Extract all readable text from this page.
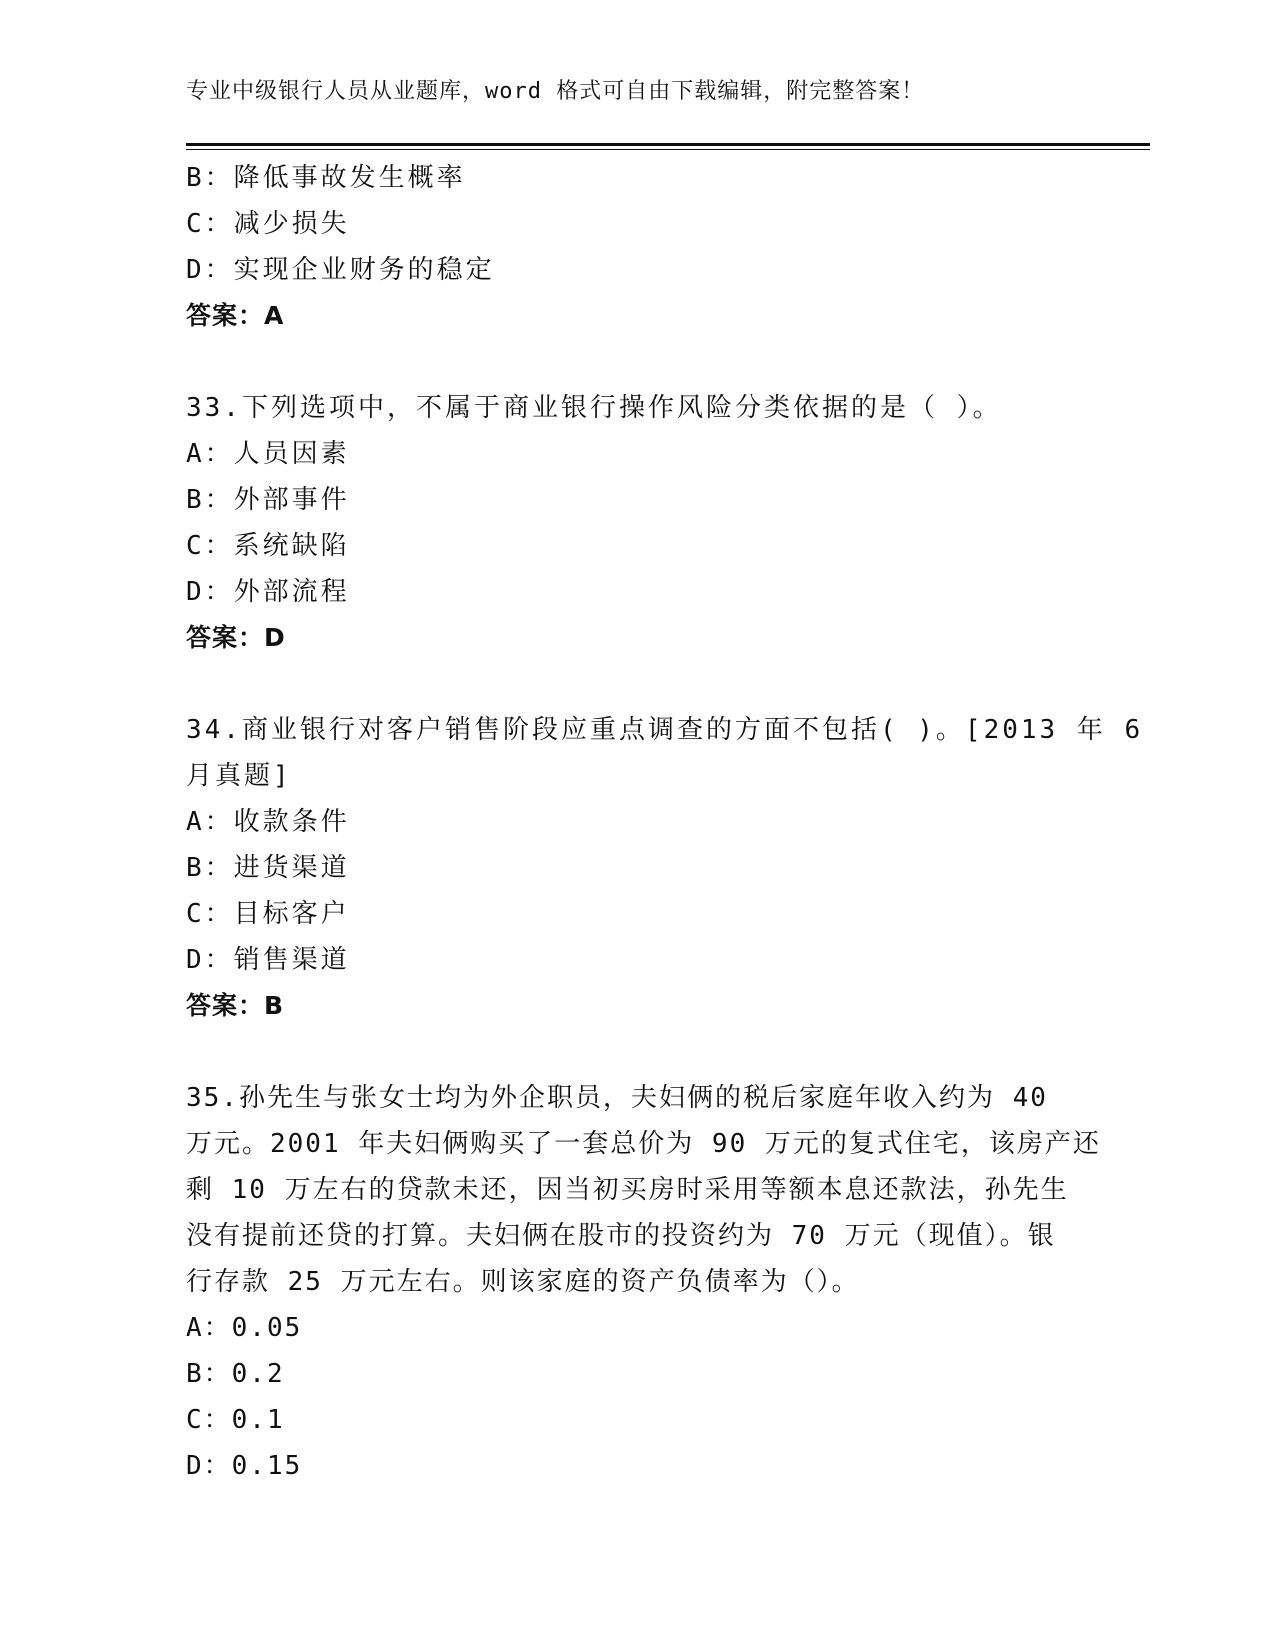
专业中级银行人员从业题库，word 格式可自由下载编辑，附完整答案！
B：降低事故发生概率
C：减少损失
D：实现企业财务的稳定
答案：A
33.下列选项中，不属于商业银行操作风险分类依据的是（ ）。
A：人员因素
B：外部事件
C：系统缺陷
D：外部流程
答案：D
34.商业银行对客户销售阶段应重点调查的方面不包括( )。[2013 年 6
月真题]
A：收款条件
B：进货渠道
C：目标客户
D：销售渠道
答案：B
35.孙先生与张女士均为外企职员，夫妇俩的税后家庭年收入约为 40
万元。2001 年夫妇俩购买了一套总价为 90 万元的复式住宅，该房产还
剩 10 万左右的贷款未还，因当初买房时采用等额本息还款法，孙先生
没有提前还贷的打算。夫妇俩在股市的投资约为 70 万元（现值）。银
行存款 25 万元左右。则该家庭的资产负债率为（）。
A：0.05
B：0.2
C：0.1
D：0.15
